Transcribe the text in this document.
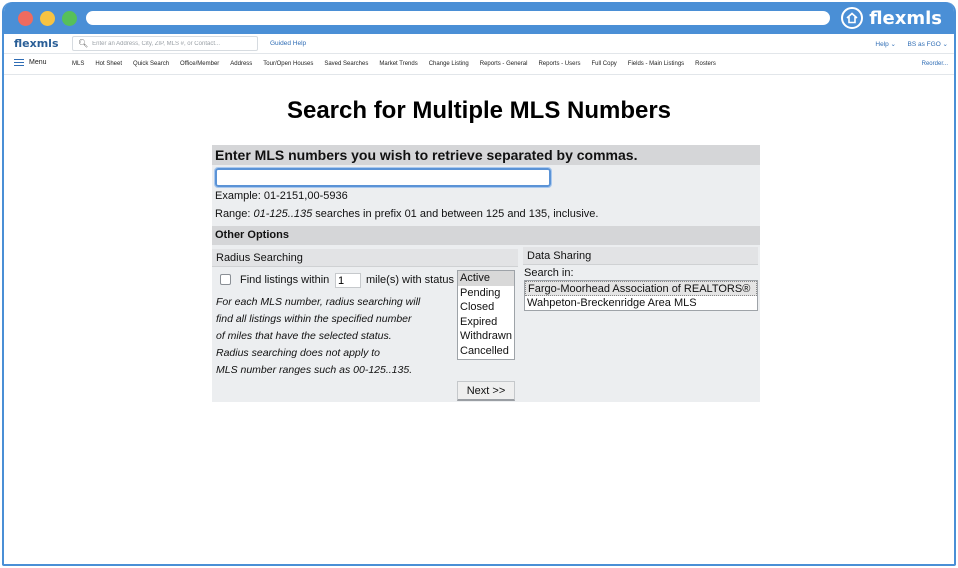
flexmls
flexmls 🔍︎
Enter an Address, City, ZIP, MLS #, or Contact...	Guided Help	Help ⌄ BS as FGO ⌄
Menu	MLS Hot Sheet Quick Search Office/Member Address Tour/Open Houses Saved Searches Market Trends Change Listing Reports - General Reports - Users Full Copy Fields - Main Listings Rosters	Reorder...
Search for Multiple MLS Numbers
Enter MLS numbers you wish to retrieve separated by commas.
Example: 01-2151,00-5936
Range: 01-125..135 searches in prefix 01 and between 125 and 135, inclusive.
Other Options
Radius Searching
Find listings within
1	mile(s) with status Active
Pending
Closed
Expired
Withdrawn
Cancelled
For each MLS number, radius searching will
find all listings within the specified number
of miles that have the selected status.
Radius searching does not apply to
MLS number ranges such as 00-125..135.
Data Sharing
Search in:
Fargo-Moorhead Association of REALTORS®
Wahpeton-Breckenridge Area MLS
Next >>
